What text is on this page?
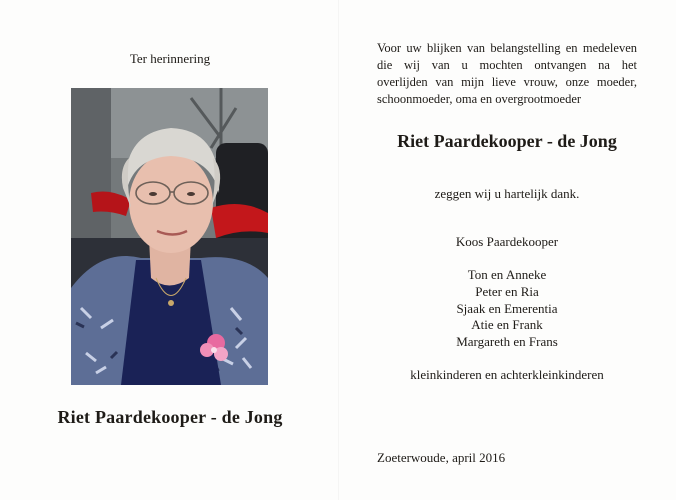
Ter herinnering
Riet Paardekooper - de Jong
Voor uw blijken van belangstelling en medeleven
die wij van u mochten ontvangen na het
overlijden van mijn lieve vrouw, onze moeder,
schoonmoeder, oma en overgrootmoeder
Riet Paardekooper - de Jong
zeggen wij u hartelijk dank.
Koos Paardekooper
Ton en Anneke
Peter en Ria
Sjaak en Emerentia
Atie en Frank
Margareth en Frans
kleinkinderen en achterkleinkinderen
Zoeterwoude, april 2016
